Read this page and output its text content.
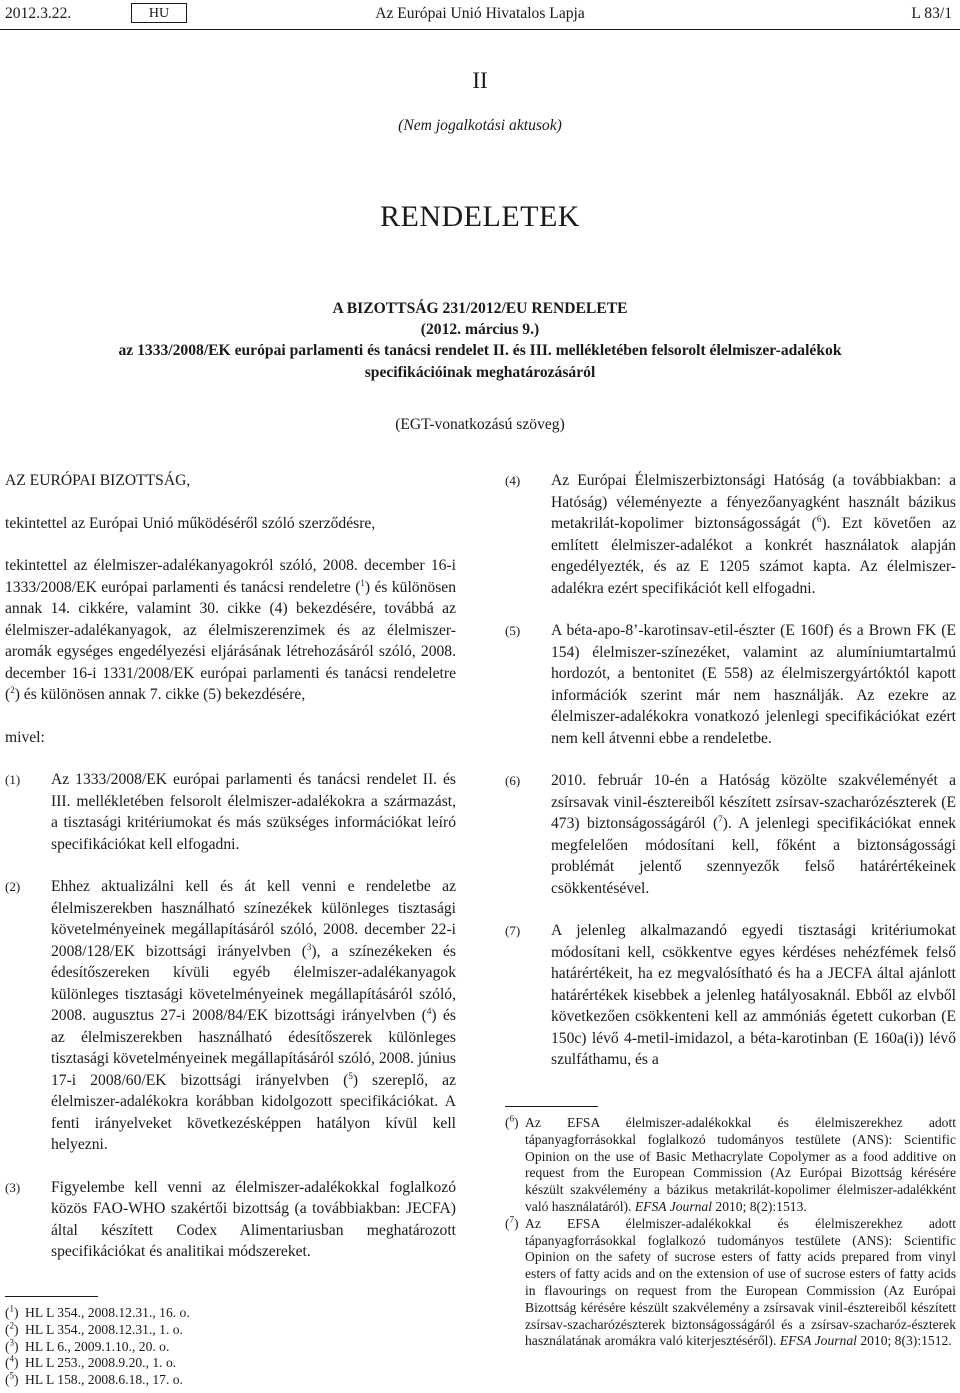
2012.3.22.	HU	Az Európai Unió Hivatalos Lapja	L 83/1
II
(Nem jogalkotási aktusok)
RENDELETEK
A BIZOTTSÁG 231/2012/EU RENDELETE
(2012. március 9.)
az 1333/2008/EK európai parlamenti és tanácsi rendelet II. és III. mellékletében felsorolt élelmiszer-adalékok specifikációinak meghatározásáról
(EGT-vonatkozású szöveg)

AZ EURÓPAI BIZOTTSÁG,

tekintettel az Európai Unió működéséről szóló szerződésre,

tekintettel az élelmiszer-adalékanyagokról szóló, 2008. december 16-i 1333/2008/EK európai parlamenti és tanácsi rendeletre ($^1$) és különösen annak 14. cikkére, valamint 30. cikke (4) bekezdésére, továbbá az élelmiszer-adalékanyagok, az élelmiszerenzimek és az élelmiszer-aromák egységes engedélyezési eljárásának létrehozásáról szóló, 2008. december 16-i 1331/2008/EK európai parlamenti és tanácsi rendeletre ($^2$) és különösen annak 7. cikke (5) bekezdésére,

mivel:

(1) Az 1333/2008/EK európai parlamenti és tanácsi rendelet II. és III. mellékletében felsorolt élelmiszer-adalékokra a származást, a tisztasági kritériumokat és más szükséges információkat leíró specifikációkat kell elfogadni.
(2) Ehhez aktualizálni kell és át kell venni e rendeletbe az élelmiszerekben használható színezékek különleges tisztasági követelményeinek megállapításáról szóló, 2008. december 22-i 2008/128/EK bizottsági irányelvben ($^3$), a színezékeken és édesítőszereken kívüli egyéb élelmiszer-adalékanyagok különleges tisztasági követelményeinek megállapításáról szóló, 2008. augusztus 27-i 2008/84/EK bizottsági irányelvben ($^4$) és az élelmiszerekben használható édesítőszerek különleges tisztasági követelményeinek megállapításáról szóló, 2008. június 17-i 2008/60/EK bizottsági irányelvben ($^5$) szereplő, az élelmiszer-adalékokra korábban kidolgozott specifikációkat. A fenti irányelveket következésképpen hatályon kívül kell helyezni.
(3) Figyelembe kell venni az élelmiszer-adalékokkal foglalkozó közös FAO-WHO szakértői bizottság (a továbbiakban: JECFA) által készített Codex Alimentariusban meghatározott specifikációkat és analitikai módszereket.
($^1$) HL L 354., 2008.12.31., 16. o.
($^2$) HL L 354., 2008.12.31., 1. o.
($^3$) HL L 6., 2009.1.10., 20. o.
($^4$) HL L 253., 2008.9.20., 1. o.
($^5$) HL L 158., 2008.6.18., 17. o.
(4) Az Európai Élelmiszerbiztonsági Hatóság (a továbbiakban: a Hatóság) véleményezte a fényezőanyagként használt bázikus metakrilát-kopolimer biztonságosságát ($^6$). Ezt követően az említett élelmiszer-adalékot a konkrét használatok alapján engedélyezték, és az E 1205 számot kapta. Az élelmiszer-adalékra ezért specifikációt kell elfogadni.
(5) A béta-apo-8’-karotinsav-etil-észter (E 160f) és a Brown FK (E 154) élelmiszer-színezéket, valamint az alumíniumtartalmú hordozót, a bentonitet (E 558) az élelmiszergyártóktól kapott információk szerint már nem használják. Az ezekre az élelmiszer-adalékokra vonatkozó jelenlegi specifikációkat ezért nem kell átvenni ebbe a rendeletbe.
(6) 2010. február 10-én a Hatóság közölte szakvéleményét a zsírsavak vinil-észtereiből készített zsírsav-szacharózészterek (E 473) biztonságosságáról ($^7$). A jelenlegi specifikációkat ennek megfelelően módosítani kell, főként a biztonságossági problémát jelentő szennyezők felső határértékeinek csökkentésével.
(7) A jelenleg alkalmazandó egyedi tisztasági kritériumokat módosítani kell, csökkentve egyes kérdéses nehézfémek felső határértékeit, ha ez megvalósítható és ha a JECFA által ajánlott határértékek kisebbek a jelenleg hatályosaknál. Ebből az elvből következően csökkenteni kell az ammóniás égetett cukorban (E 150c) lévő 4-metil-imidazol, a béta-karotinban (E 160a(i)) lévő szulfáthamu, és a
($^6$) Az EFSA élelmiszer-adalékokkal és élelmiszerekhez adott tápanyagforrásokkal foglalkozó tudományos testülete (ANS): Scientific Opinion on the use of Basic Methacrylate Copolymer as a food additive on request from the European Commission (Az Európai Bizottság kérésére készült szakvélemény a bázikus metakrilát-kopolimer élelmiszer-adalékként való használatáról). EFSA Journal 2010; 8(2):1513.
($^7$) Az EFSA élelmiszer-adalékokkal és élelmiszerekhez adott tápanyagforrásokkal foglalkozó tudományos testülete (ANS): Scientific Opinion on the safety of sucrose esters of fatty acids prepared from vinyl esters of fatty acids and on the extension of use of sucrose esters of fatty acids in flavourings on request from the European Commission (Az Európai Bizottság kérésére készült szakvélemény a zsírsavak vinil-észtereiből készített zsírsav-szacharózészterek biztonságosságáról és a zsírsav-szacharóz-észterek használatának aromákra való kiterjesztéséről). EFSA Journal 2010; 8(3):1512.
